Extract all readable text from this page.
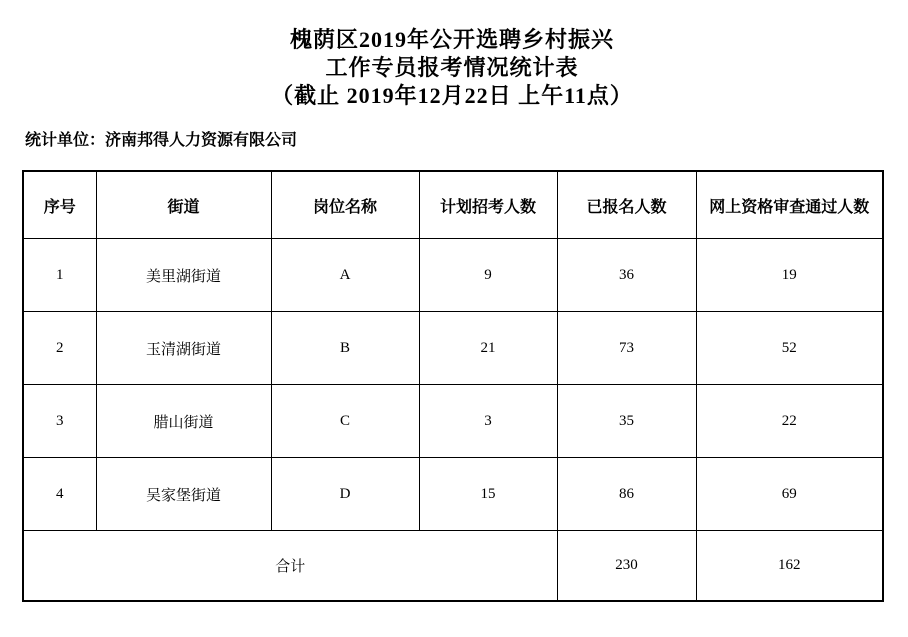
槐荫区2019年公开选聘乡村振兴
工作专员报考情况统计表
（截止 2019年12月22日 上午11点）
统计单位：济南邦得人力资源有限公司
序号	街道	岗位名称	计划招考人数	已报名人数	网上资格审查通过人数
1	美里湖街道	A	9	36	19
2	玉清湖街道	B	21	73	52
3	腊山街道	C	3	35	22
4	吴家堡街道	D	15	86	69
合计				230	162
